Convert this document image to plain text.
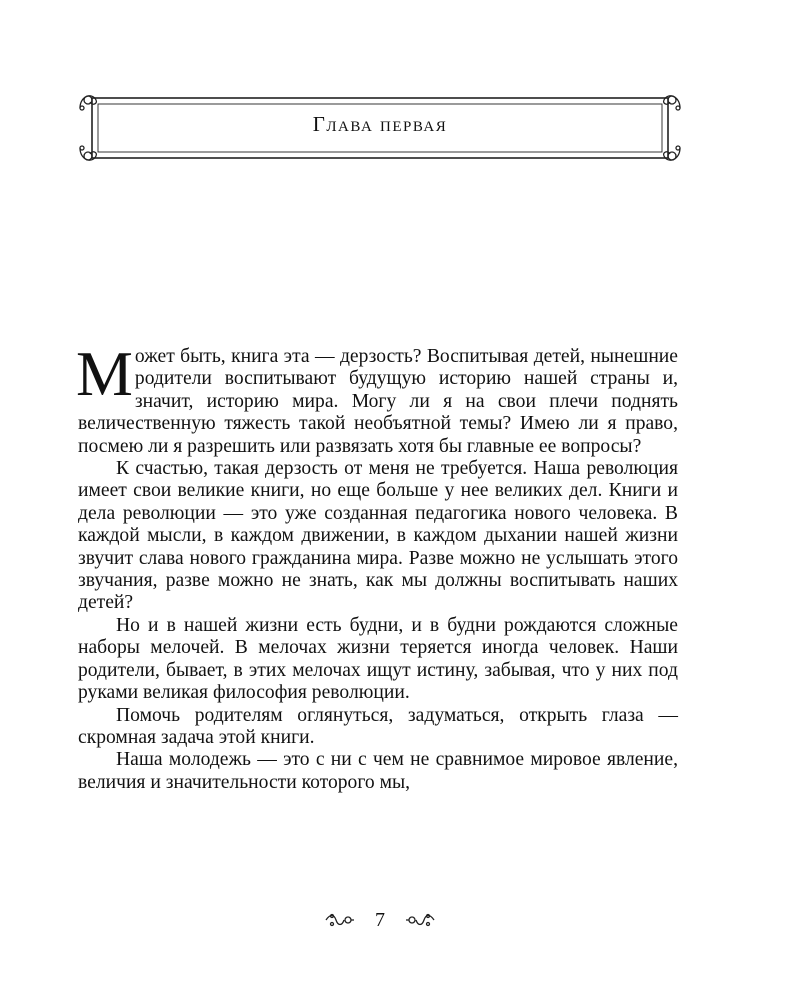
Глава первая

Может быть, книга эта — дерзость? Воспитывая детей, нынешние родители воспитывают будущую историю нашей страны и, значит, историю мира. Могу ли я на свои плечи поднять величественную тяжесть такой необъятной темы? Имею ли я право, посмею ли я разрешить или развязать хотя бы главные ее вопросы?

К счастью, такая дерзость от меня не требуется. Наша революция имеет свои великие книги, но еще больше у нее великих дел. Книги и дела революции — это уже созданная педагогика нового человека. В каждой мысли, в каждом движении, в каждом дыхании нашей жизни звучит слава нового гражданина мира. Разве можно не услышать этого звучания, разве можно не знать, как мы должны воспитывать наших детей?

Но и в нашей жизни есть будни, и в будни рождаются сложные наборы мелочей. В мелочах жизни теряется иногда человек. Наши родители, бывает, в этих мелочах ищут истину, забывая, что у них под руками великая философия революции.

Помочь родителям оглянуться, задуматься, открыть глаза — скромная задача этой книги.

Наша молодежь — это с ни с чем не сравнимое мировое явление, величия и значительности которого мы,

7
